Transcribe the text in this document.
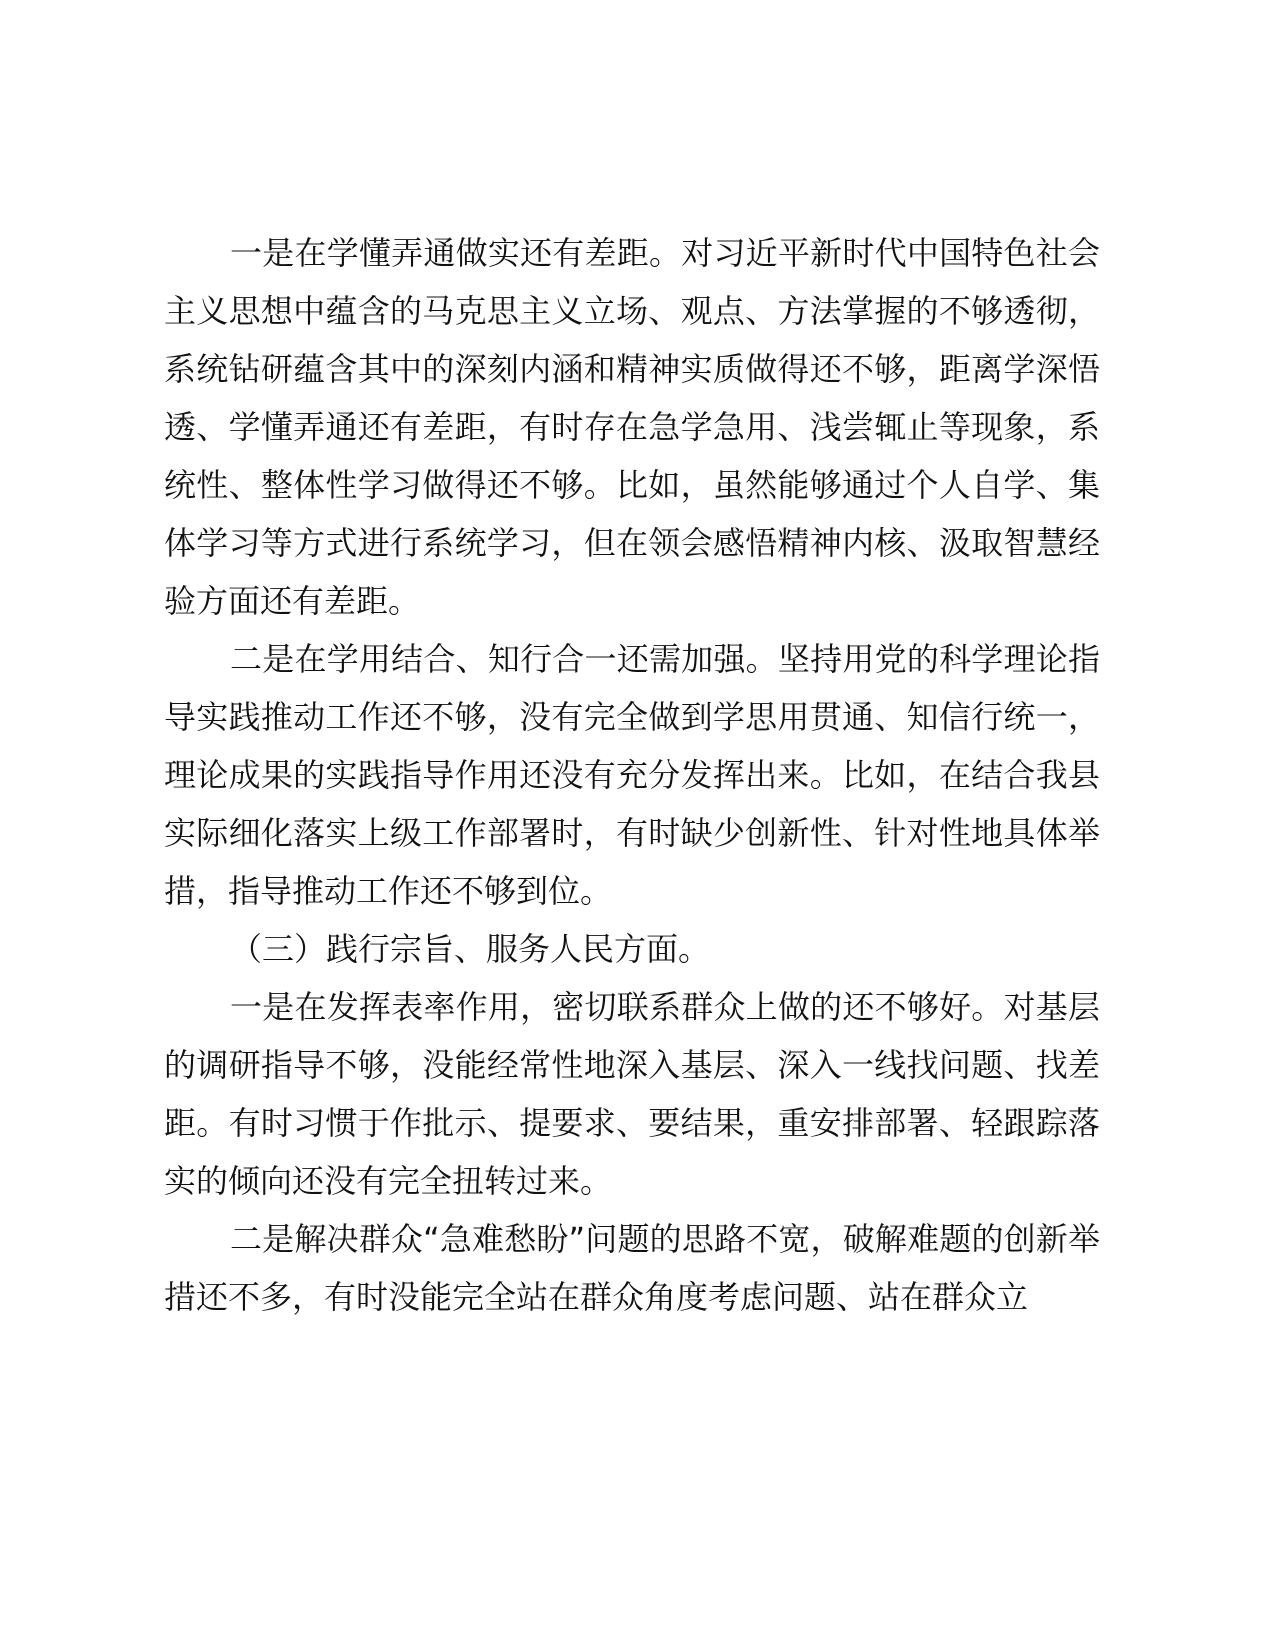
一是在学懂弄通做实还有差距。对习近平新时代中国特色社会主义思想中蕴含的马克思主义立场、观点、方法掌握的不够透彻，系统钻研蕴含其中的深刻内涵和精神实质做得还不够，距离学深悟透、学懂弄通还有差距，有时存在急学急用、浅尝辄止等现象，系统性、整体性学习做得还不够。比如，虽然能够通过个人自学、集体学习等方式进行系统学习，但在领会感悟精神内核、汲取智慧经验方面还有差距。

二是在学用结合、知行合一还需加强。坚持用党的科学理论指导实践推动工作还不够，没有完全做到学思用贯通、知信行统一，理论成果的实践指导作用还没有充分发挥出来。比如，在结合我县实际细化落实上级工作部署时，有时缺少创新性、针对性地具体举措，指导推动工作还不够到位。

（三）践行宗旨、服务人民方面。

一是在发挥表率作用，密切联系群众上做的还不够好。对基层的调研指导不够，没能经常性地深入基层、深入一线找问题、找差距。有时习惯于作批示、提要求、要结果，重安排部署、轻跟踪落实的倾向还没有完全扭转过来。

二是解决群众“急难愁盼”问题的思路不宽，破解难题的创新举措还不多，有时没能完全站在群众角度考虑问题、站在群众立
